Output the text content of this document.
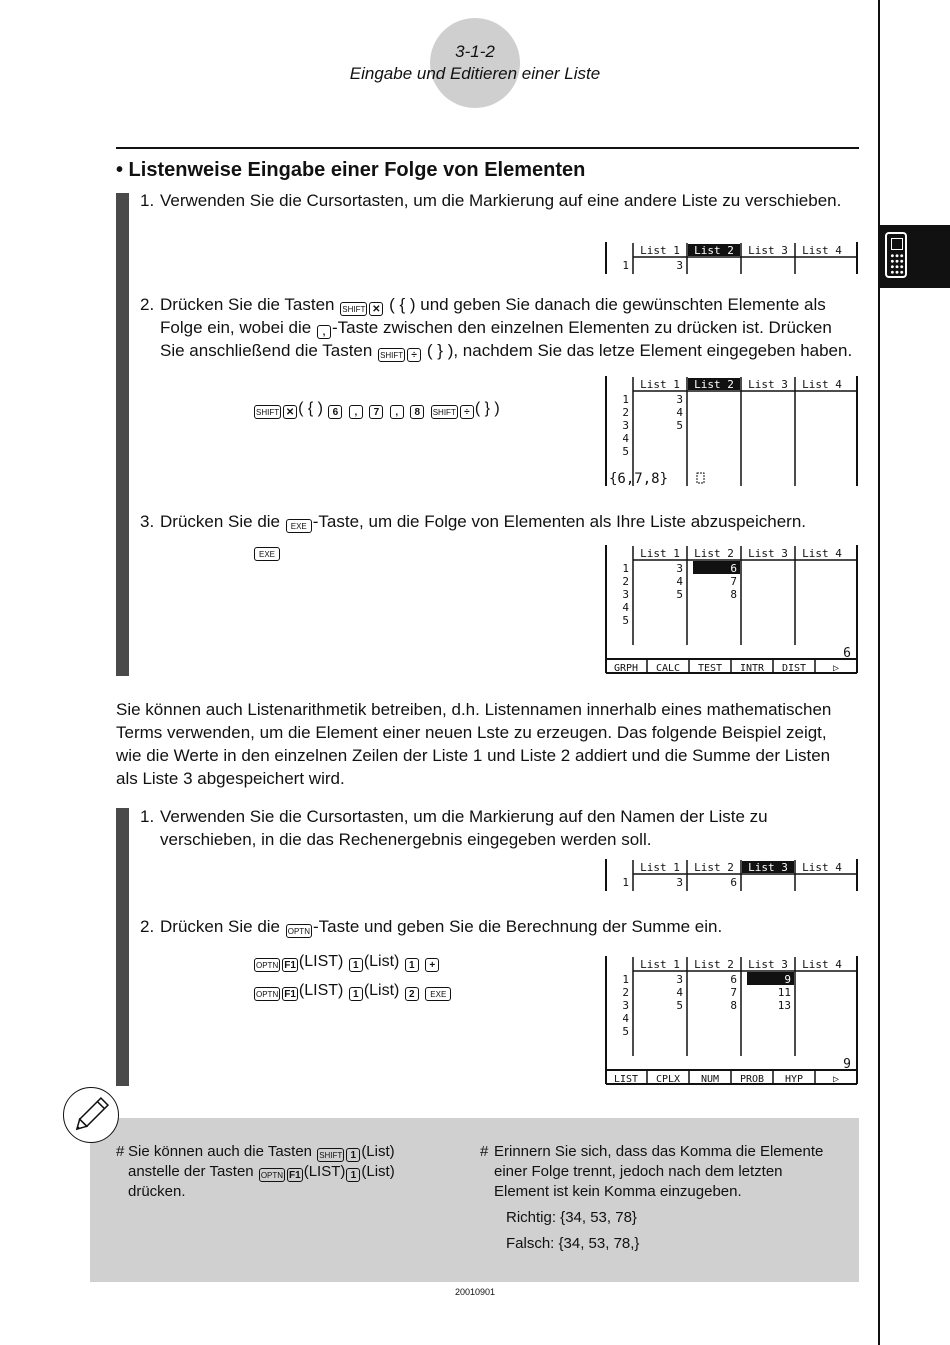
3-1-2
Eingabe und Editieren einer Liste
• Listenweise Eingabe einer Folge von Elementen
1. Verwenden Sie die Cursortasten, um die Markierung auf eine andere Liste zu verschieben.
2. Drücken Sie die Tasten SHIFT ✕ ( { ) und geben Sie danach die gewünschten Elemente als Folge ein, wobei die , -Taste zwischen den einzelnen Elementen zu drücken ist. Drücken Sie anschließend die Tasten SHIFT ÷ ( } ), nachdem Sie das letze Element eingegeben haben.
SHIFT ✕ ( { ) 6 , 7 , 8 SHIFT ÷ ( } )
3. Drücken Sie die EXE -Taste, um die Folge von Elementen als Ihre Liste abzuspeichern.
EXE
Sie können auch Listenarithmetik betreiben, d.h. Listennamen innerhalb eines mathematischen Terms verwenden, um die Element einer neuen Lste zu erzeugen. Das folgende Beispiel zeigt, wie die Werte in den einzelnen Zeilen der Liste 1 und Liste 2 addiert und die Summe der Listen als Liste 3 abgespeichert wird.
1. Verwenden Sie die Cursortasten, um die Markierung auf den Namen der Liste zu verschieben, in die das Rechenergebnis eingegeben werden soll.
2. Drücken Sie die OPTN -Taste und geben Sie die Berechnung der Summe ein.
OPTN F1 (LIST) 1 (List) 1 +
OPTN F1 (LIST) 1 (List) 2 EXE
List 1 List 2 List 3 List 4
1	3
List 1 List 2 List 3 List 4
1	3
2	4
3	5
4
5
{6,7,8}
List 1 List 2 List 3 List 4
1	3	6
2	4	7
3	5	8
4
5
6
GRPH CALC TEST INTR DIST	▷
List 1 List 2 List 3 List 4
1	3	6
List 1 List 2 List 3 List 4
1	3	6	9
2	4	7	11
3	5	8	13
4
5
9
LIST CPLX NUM PROB HYP	▷
# Sie können auch die Tasten SHIFT 1 (List)
anstelle der Tasten OPTN F1 (LIST) 1 (List)
drücken.
# Erinnern Sie sich, dass das Komma die Elemente einer Folge trennt, jedoch nach dem letzten Element ist kein Komma einzugeben.
Richtig: {34, 53, 78}
Falsch: {34, 53, 78,}
20010901
